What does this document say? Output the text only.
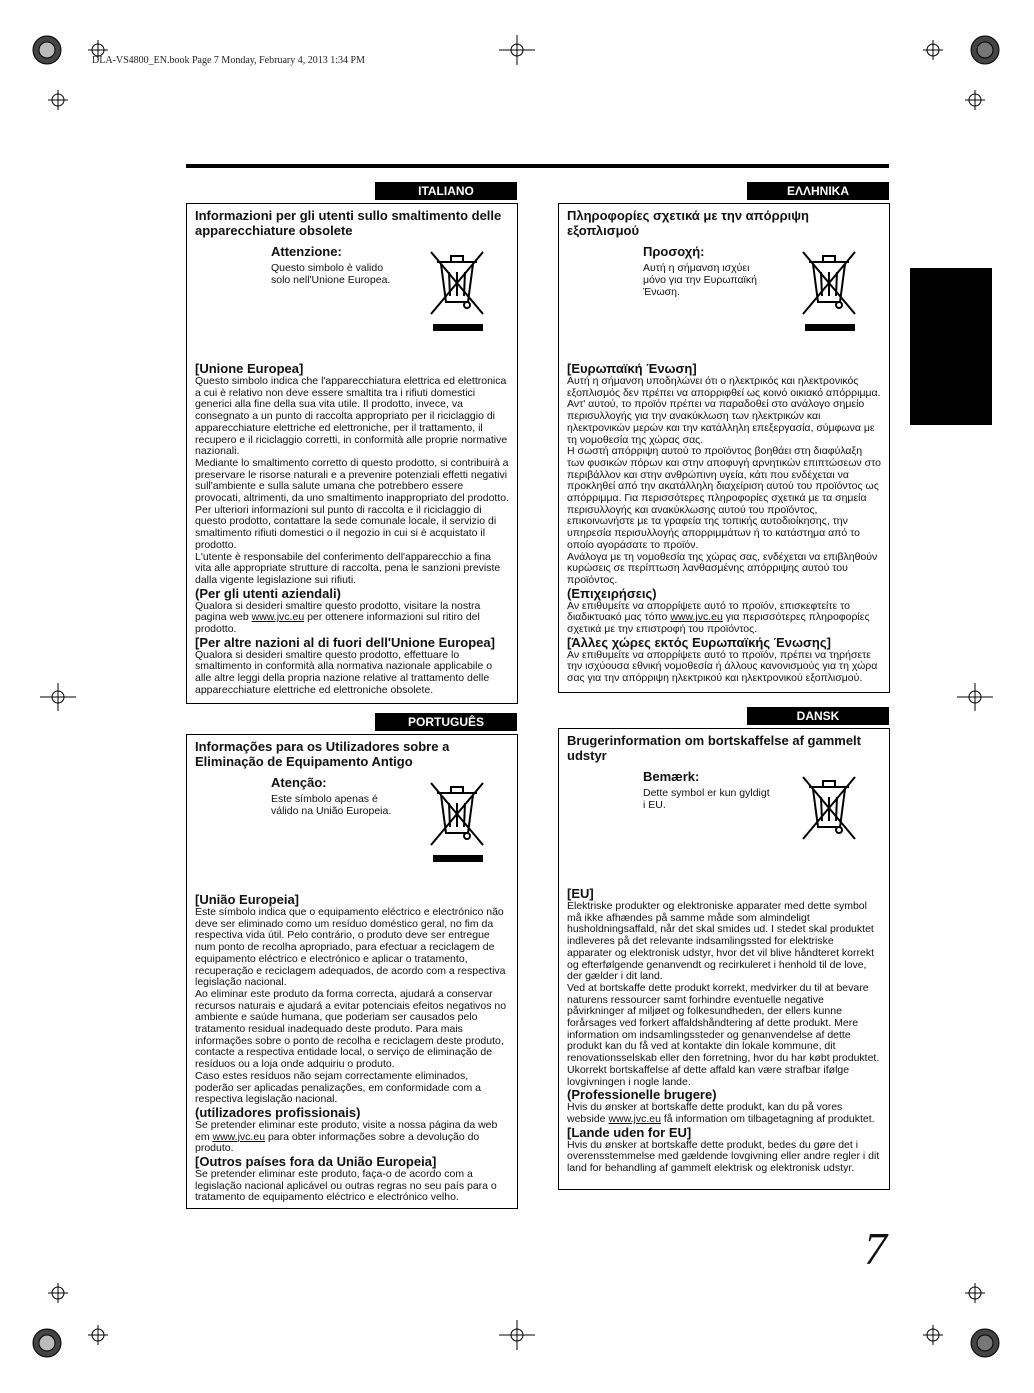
DLA-VS4800_EN.book Page 7 Monday, February 4, 2013 1:34 PM
ITALIANO
Informazioni per gli utenti sullo smaltimento delle apparecchiature obsolete
Attenzione:
Questo simbolo è valido solo nell'Unione Europea.

[Unione Europea]

Questo simbolo indica che l'apparecchiatura elettrica ed elettronica a cui è relativo non deve essere smaltita tra i rifiuti domestici generici alla fine della sua vita utile. Il prodotto, invece, va consegnato a un punto di raccolta appropriato per il riciclaggio di apparecchiature elettriche ed elettroniche, per il trattamento, il recupero e il riciclaggio corretti, in conformità alle proprie normative nazionali.

Mediante lo smaltimento corretto di questo prodotto, si contribuirà a preservare le risorse naturali e a prevenire potenziali effetti negativi sull'ambiente e sulla salute umana che potrebbero essere provocati, altrimenti, da uno smaltimento inappropriato del prodotto. Per ulteriori informazioni sul punto di raccolta e il riciclaggio di questo prodotto, contattare la sede comunale locale, il servizio di smaltimento rifiuti domestici o il negozio in cui si è acquistato il prodotto.

L'utente è responsabile del conferimento dell'apparecchio a fina vita alle appropriate strutture di raccolta, pena le sanzioni previste dalla vigente legislazione sui rifiuti.

(Per gli utenti aziendali)

Qualora si desideri smaltire questo prodotto, visitare la nostra pagina web www.jvc.eu per ottenere informazioni sul ritiro del prodotto.

[Per altre nazioni al di fuori dell'Unione Europea]

Qualora si desideri smaltire questo prodotto, effettuare lo smaltimento in conformità alla normativa nazionale applicabile o alle altre leggi della propria nazione relative al trattamento delle apparecchiature elettriche ed elettroniche obsolete.

ΕΛΛΗΝΙΚΑ
Πληροφορίες σχετικά με την απόρριψη εξοπλισμού
Προσοχή:
Αυτή η σήμανση ισχύει μόνο για την Ευρωπαϊκή Ένωση.

[Ευρωπαϊκή Ένωση]

Αυτή η σήμανση υποδηλώνει ότι ο ηλεκτρικός και ηλεκτρονικός εξοπλισμός δεν πρέπει να απορριφθεί ως κοινό οικιακό απόρριμμα. Αντ' αυτού, το προϊόν πρέπει να παραδοθεί στο ανάλογο σημείο περισυλλογής για την ανακύκλωση των ηλεκτρικών και ηλεκτρονικών μερών και την κατάλληλη επεξεργασία, σύμφωνα με τη νομοθεσία της χώρας σας.

Η σωστή απόρριψη αυτού το προϊόντος βοηθάει στη διαφύλαξη των φυσικών πόρων και στην αποφυγή αρνητικών επιπτώσεων στο περιβάλλον και στην ανθρώπινη υγεία, κάτι που ενδέχεται να προκληθεί από την ακατάλληλη διαχείριση αυτού του προϊόντος ως απόρριμμα. Για περισσότερες πληροφορίες σχετικά με τα σημεία περισυλλογής και ανακύκλωσης αυτού του προϊόντος, επικοινωνήστε με τα γραφεία της τοπικής αυτοδιοίκησης, την υπηρεσία περισυλλογής απορριμμάτων ή το κατάστημα από το οποίο αγοράσατε το προϊόν.

Ανάλογα με τη νομοθεσία της χώρας σας, ενδέχεται να επιβληθούν κυρώσεις σε περίπτωση λανθασμένης απόρριψης αυτού του προϊόντος.

(Επιχειρήσεις)

Αν επιθυμείτε να απορρίψετε αυτό το προϊόν, επισκεφτείτε το διαδικτυακό μας τόπο www.jvc.eu για περισσότερες πληροφορίες σχετικά με την επιστροφή του προϊόντος.

[Άλλες χώρες εκτός Ευρωπαϊκής Ένωσης]

Αν επιθυμείτε να απορρίψετε αυτό το προϊόν, πρέπει να τηρήσετε την ισχύουσα εθνική νομοθεσία ή άλλους κανονισμούς για τη χώρα σας για την απόρριψη ηλεκτρικού και ηλεκτρονικού εξοπλισμού.

PORTUGUÊS
Informações para os Utilizadores sobre a Eliminação de Equipamento Antigo
Atenção:
Este símbolo apenas é válido na União Europeia.

[União Europeia]

Este símbolo indica que o equipamento eléctrico e electrónico não deve ser eliminado como um resíduo doméstico geral, no fim da respectiva vida útil. Pelo contrário, o produto deve ser entregue num ponto de recolha apropriado, para efectuar a reciclagem de equipamento eléctrico e electrónico e aplicar o tratamento, recuperação e reciclagem adequados, de acordo com a respectiva legislação nacional.

Ao eliminar este produto da forma correcta, ajudará a conservar recursos naturais e ajudará a evitar potenciais efeitos negativos no ambiente e saúde humana, que poderiam ser causados pelo tratamento residual inadequado deste produto. Para mais informações sobre o ponto de recolha e reciclagem deste produto, contacte a respectiva entidade local, o serviço de eliminação de resíduos ou a loja onde adquiriu o produto.

Caso estes resíduos não sejam correctamente eliminados, poderão ser aplicadas penalizações, em conformidade com a respectiva legislação nacional.

(utilizadores profissionais)

Se pretender eliminar este produto, visite a nossa página da web em www.jvc.eu para obter informações sobre a devolução do produto.

[Outros países fora da União Europeia]

Se pretender eliminar este produto, faça-o de acordo com a legislação nacional aplicável ou outras regras no seu país para o tratamento de equipamento eléctrico e electrónico velho.

DANSK
Brugerinformation om bortskaffelse af gammelt udstyr
Bemærk:
Dette symbol er kun gyldigt i EU.

[EU]

Elektriske produkter og elektroniske apparater med dette symbol må ikke afhændes på samme måde som almindeligt husholdningsaffald, når det skal smides ud. I stedet skal produktet indleveres på det relevante indsamlingssted for elektriske apparater og elektronisk udstyr, hvor det vil blive håndteret korrekt og efterfølgende genanvendt og recirkuleret i henhold til de love, der gælder i dit land.

Ved at bortskaffe dette produkt korrekt, medvirker du til at bevare naturens ressourcer samt forhindre eventuelle negative påvirkninger af miljøet og folkesundheden, der ellers kunne forårsages ved forkert affaldshåndtering af dette produkt. Mere information om indsamlingssteder og genanvendelse af dette produkt kan du få ved at kontakte din lokale kommune, dit renovationsselskab eller den forretning, hvor du har købt produktet.

Ukorrekt bortskaffelse af dette affald kan være strafbar ifølge lovgivningen i nogle lande.

(Professionelle brugere)

Hvis du ønsker at bortskaffe dette produkt, kan du på vores webside www.jvc.eu få information om tilbagetagning af produktet.

[Lande uden for EU]

Hvis du ønsker at bortskaffe dette produkt, bedes du gøre det i overensstemmelse med gældende lovgivning eller andre regler i dit land for behandling af gammelt elektrisk og elektronisk udstyr.

7
